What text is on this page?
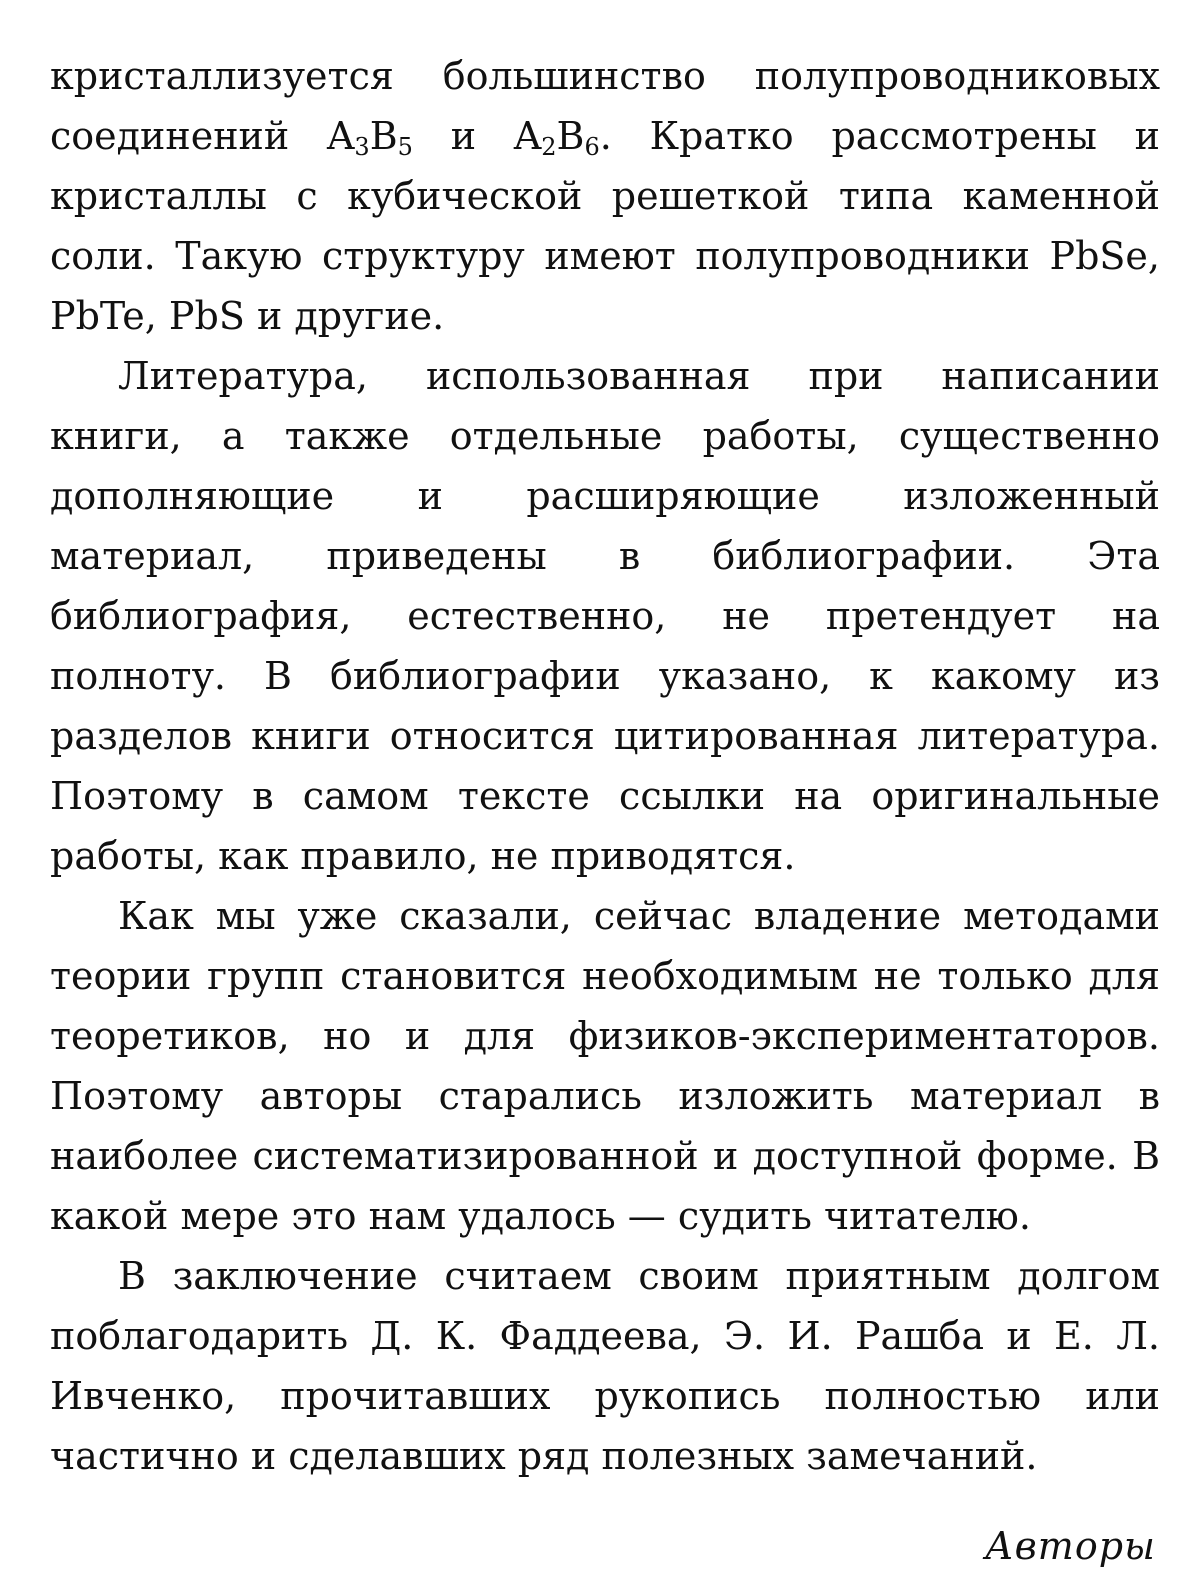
кристаллизуется большинство полупроводниковых соединений $A_3B_5$ и $A_2B_6$. Кратко рассмотрены и кристаллы с кубической решеткой типа каменной соли. Такую структуру имеют полупроводники PbSe, PbTe, PbS и другие.

Литература, использованная при написании книги, а также отдельные работы, существенно дополняющие и расширяющие изложенный материал, приведены в библиографии. Эта библиография, естественно, не претендует на полноту. В библиографии указано, к какому из разделов книги относится цитированная литература. Поэтому в самом тексте ссылки на оригинальные работы, как правило, не приводятся.

Как мы уже сказали, сейчас владение методами теории групп становится необходимым не только для теоретиков, но и для физиков-экспериментаторов. Поэтому авторы старались изложить материал в наиболее систематизированной и доступной форме. В какой мере это нам удалось — судить читателю.

В заключение считаем своим приятным долгом поблагодарить Д. К. Фаддеева, Э. И. Рашба и Е. Л. Ивченко, прочитавших рукопись полностью или частично и сделавших ряд полезных замечаний.

Авторы
